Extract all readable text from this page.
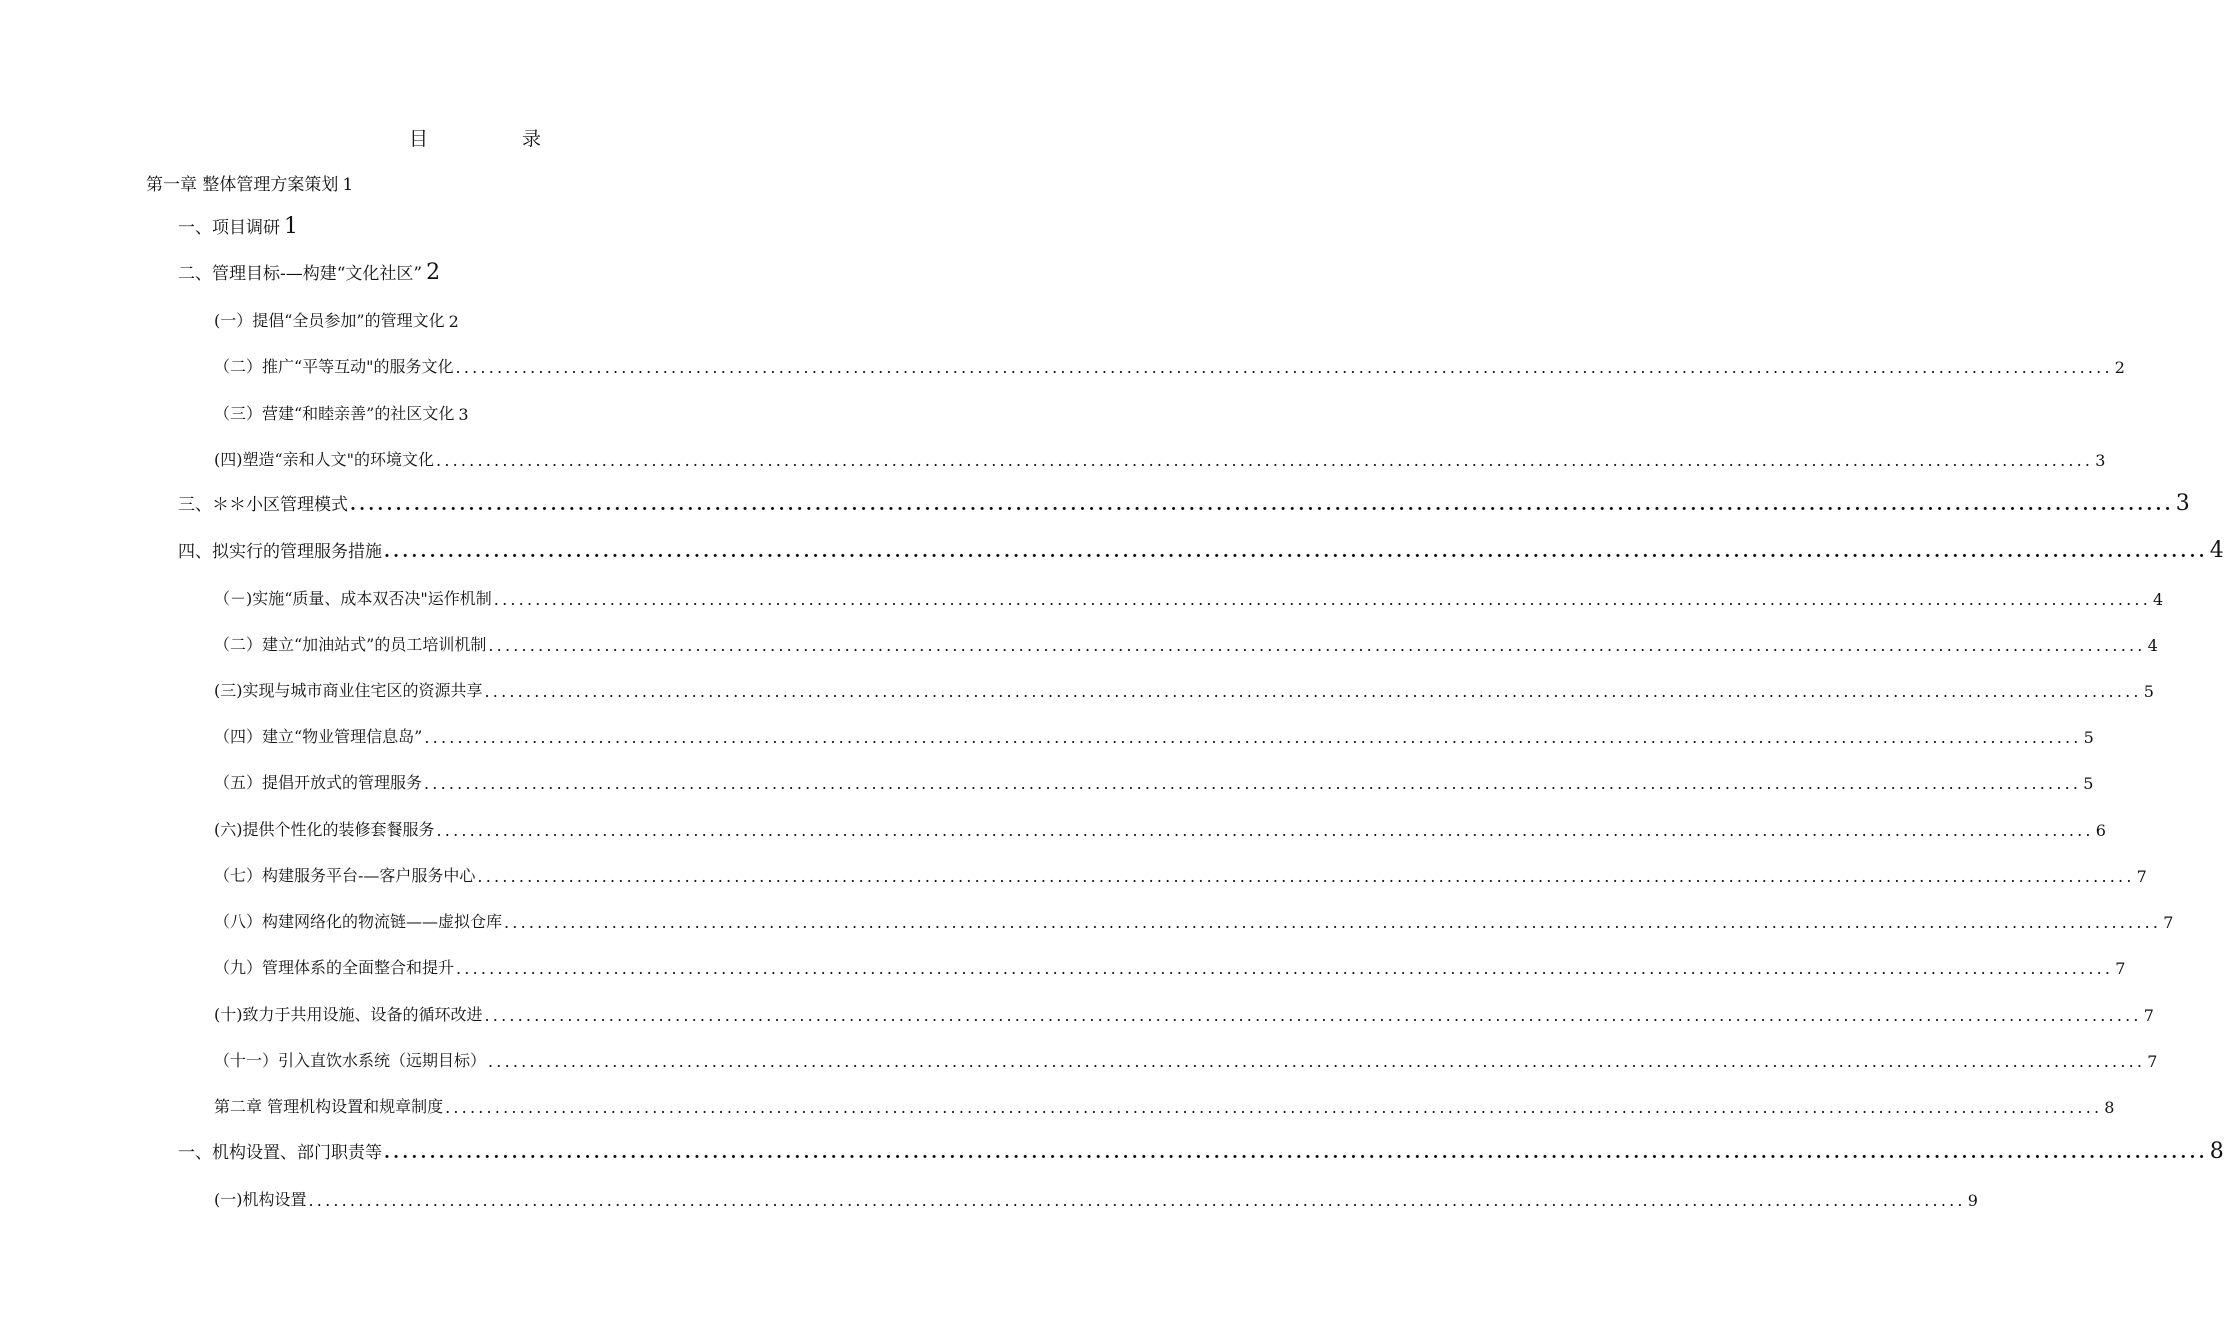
目 录
第一章 整体管理方案策划 1
一、项目调研 1
二、管理目标-—构建“文化社区” 2
(一）提倡“全员参加”的管理文化 2
（二）推广“平等互动"的服务文化 ........................................................................................................................................................................................................ 2
（三）营建“和睦亲善”的社区文化 3
(四)塑造“亲和人文"的环境文化 ........................................................................................................................................................................................................ 3
三、＊＊小区管理模式 ........................................................................................................................................................................................................ 3
四、拟实行的管理服务措施 ........................................................................................................................................................................................................ 4
（－)实施“质量、成本双否决"运作机制 ........................................................................................................................................................................................................ 4
（二）建立“加油站式”的员工培训机制 ........................................................................................................................................................................................................ 4
(三)实现与城市商业住宅区的资源共享 ........................................................................................................................................................................................................ 5
（四）建立“物业管理信息岛” ........................................................................................................................................................................................................ 5
（五）提倡开放式的管理服务 ........................................................................................................................................................................................................ 5
(六)提供个性化的装修套餐服务 ........................................................................................................................................................................................................ 6
（七）构建服务平台-—客户服务中心 ........................................................................................................................................................................................................ 7
（八）构建网络化的物流链——虚拟仓库 ........................................................................................................................................................................................................ 7
（九）管理体系的全面整合和提升 ........................................................................................................................................................................................................ 7
(十)致力于共用设施、设备的循环改进 ........................................................................................................................................................................................................ 7
（十一）引入直饮水系统（远期目标） ........................................................................................................................................................................................................ 7
第二章 管理机构设置和规章制度 ........................................................................................................................................................................................................ 8
一、机构设置、部门职责等 ........................................................................................................................................................................................................ 8
(一)机构设置 ........................................................................................................................................................................................................ 9
